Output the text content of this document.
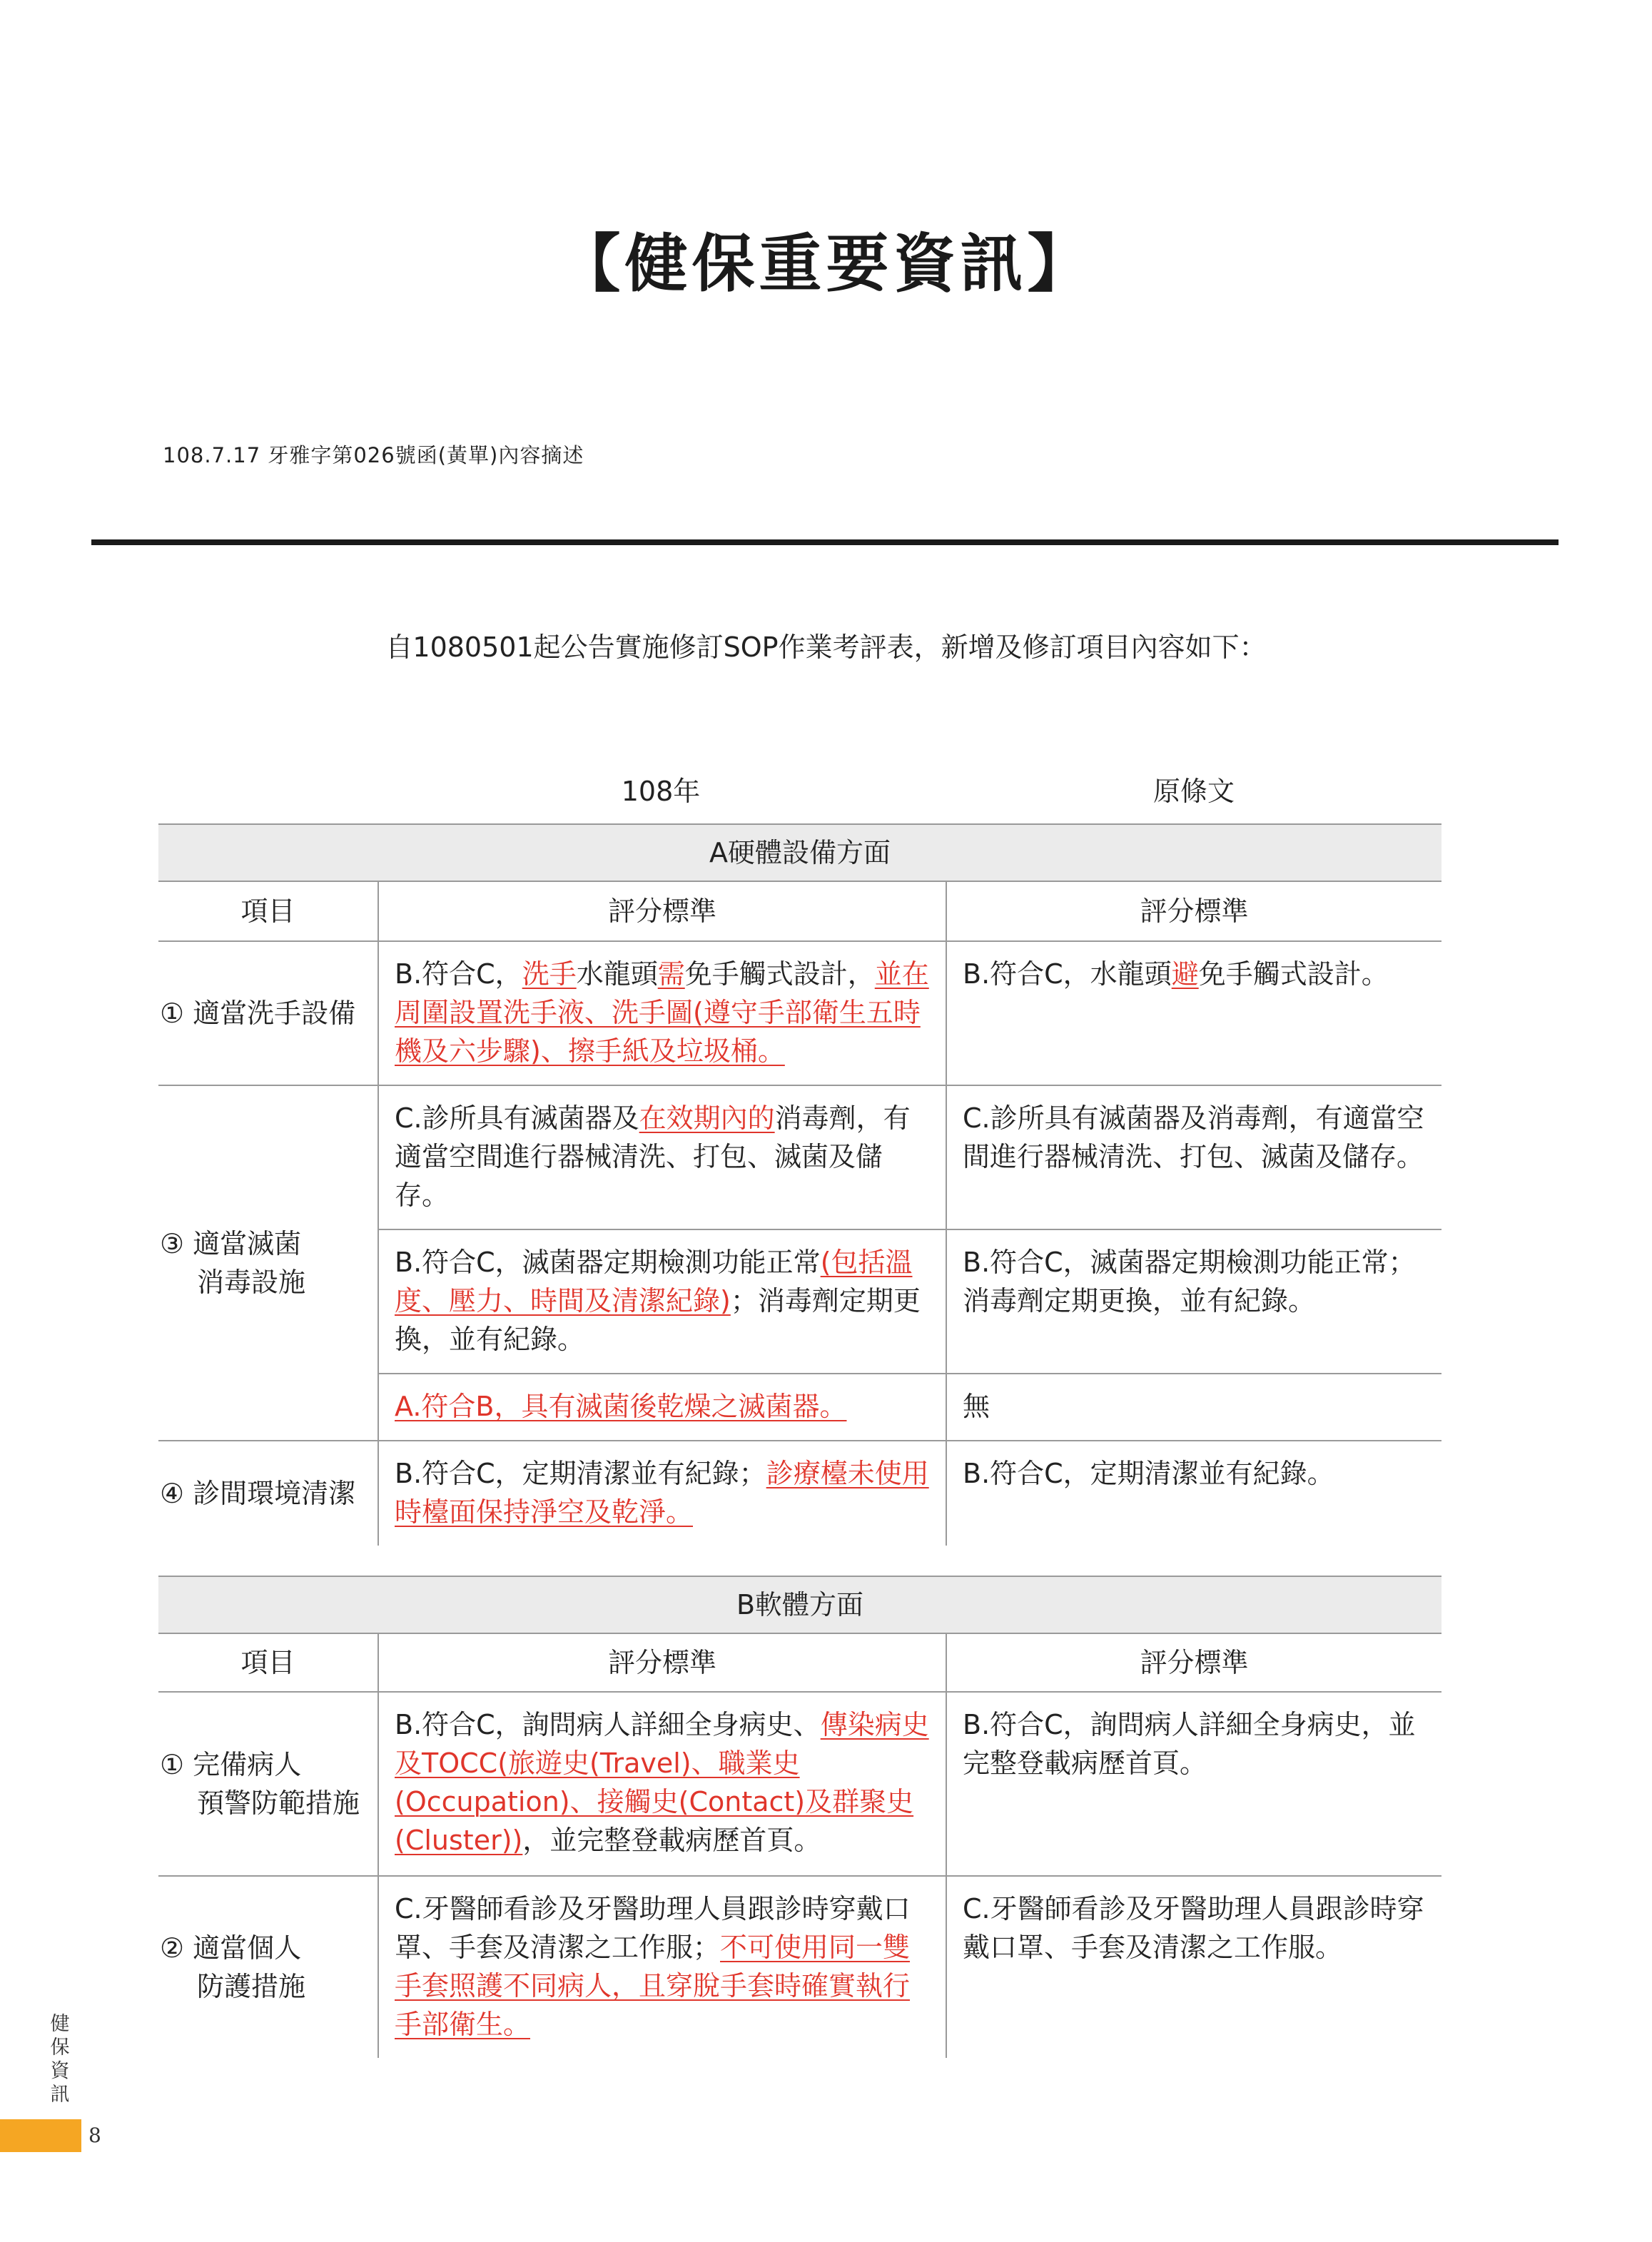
【健保重要資訊】
108.7.17 牙雅字第026號函(黃單)內容摘述
自1080501起公告實施修訂SOP作業考評表，新增及修訂項目內容如下：
108年	原條文
A硬體設備方面		
項目	評分標準	評分標準
① 適當洗手設備	B.符合C，洗手水龍頭需免手觸式設計，並在周圍設置洗手液、洗手圖(遵守手部衛生五時機及六步驟)、擦手紙及垃圾桶。	B.符合C，水龍頭避免手觸式設計。
③ 適當滅菌
消毒設施	C.診所具有滅菌器及在效期內的消毒劑，有適當空間進行器械清洗、打包、滅菌及儲存。	C.診所具有滅菌器及消毒劑，有適當空間進行器械清洗、打包、滅菌及儲存。
	B.符合C，滅菌器定期檢測功能正常(包括溫度、壓力、時間及清潔紀錄)；消毒劑定期更換，並有紀錄。	B.符合C，滅菌器定期檢測功能正常；消毒劑定期更換，並有紀錄。
	A.符合B，具有滅菌後乾燥之滅菌器。	無
④ 診間環境清潔	B.符合C，定期清潔並有紀錄；診療檯未使用時檯面保持淨空及乾淨。	B.符合C，定期清潔並有紀錄。
B軟體方面		
項目	評分標準	評分標準
① 完備病人
預警防範措施	B.符合C，詢問病人詳細全身病史、傳染病史及TOCC(旅遊史(Travel)、職業史(Occupation)、接觸史(Contact)及群聚史(Cluster))，並完整登載病歷首頁。	B.符合C，詢問病人詳細全身病史，並完整登載病歷首頁。
② 適當個人
防護措施	C.牙醫師看診及牙醫助理人員跟診時穿戴口罩、手套及清潔之工作服；不可使用同一雙手套照護不同病人，且穿脫手套時確實執行手部衛生。	C.牙醫師看診及牙醫助理人員跟診時穿戴口罩、手套及清潔之工作服。
健保資訊
8
